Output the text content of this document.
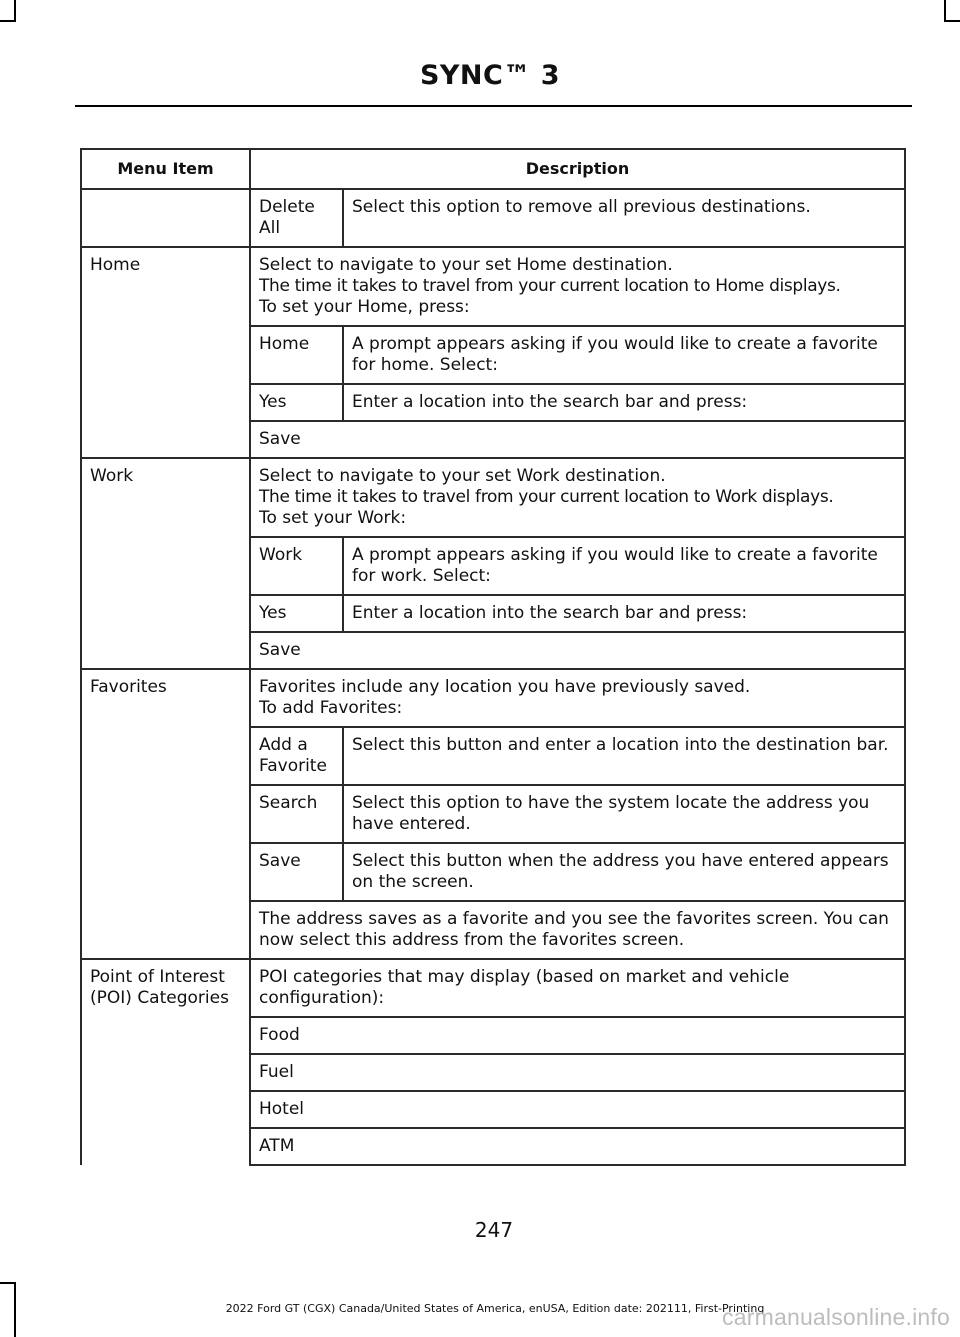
SYNC™ 3
Menu Item	Description	
	Delete All	Select this option to remove all previous destinations.
Home	Select to navigate to your set Home destination.
The time it takes to travel from your current location to Home displays.
To set your Home, press:	

	Home	A prompt appears asking if you would like to create a favorite for home. Select:
	Yes	Enter a location into the search bar and press:
	Save	
Work	Select to navigate to your set Work destination.
The time it takes to travel from your current location to Work displays.
To set your Work:	

	Work	A prompt appears asking if you would like to create a favorite for work. Select:
	Yes	Enter a location into the search bar and press:
	Save	
Favorites	Favorites include any location you have previously saved.
To add Favorites:	

	Add a Favorite	Select this button and enter a location into the destination bar.
	Search	Select this option to have the system locate the address you have entered.
	Save	Select this button when the address you have entered appears on the screen.
	The address saves as a favorite and you see the favorites screen. You can now select this address from the favorites screen.	
Point of Interest (POI) Categories	POI categories that may display (based on market and vehicle configuration):	
	Food	
	Fuel	
	Hotel	
	ATM	
247
2022 Ford GT (CGX) Canada/United States of America, enUSA, Edition date: 202111, First-Printing
carmanualsonline.info
